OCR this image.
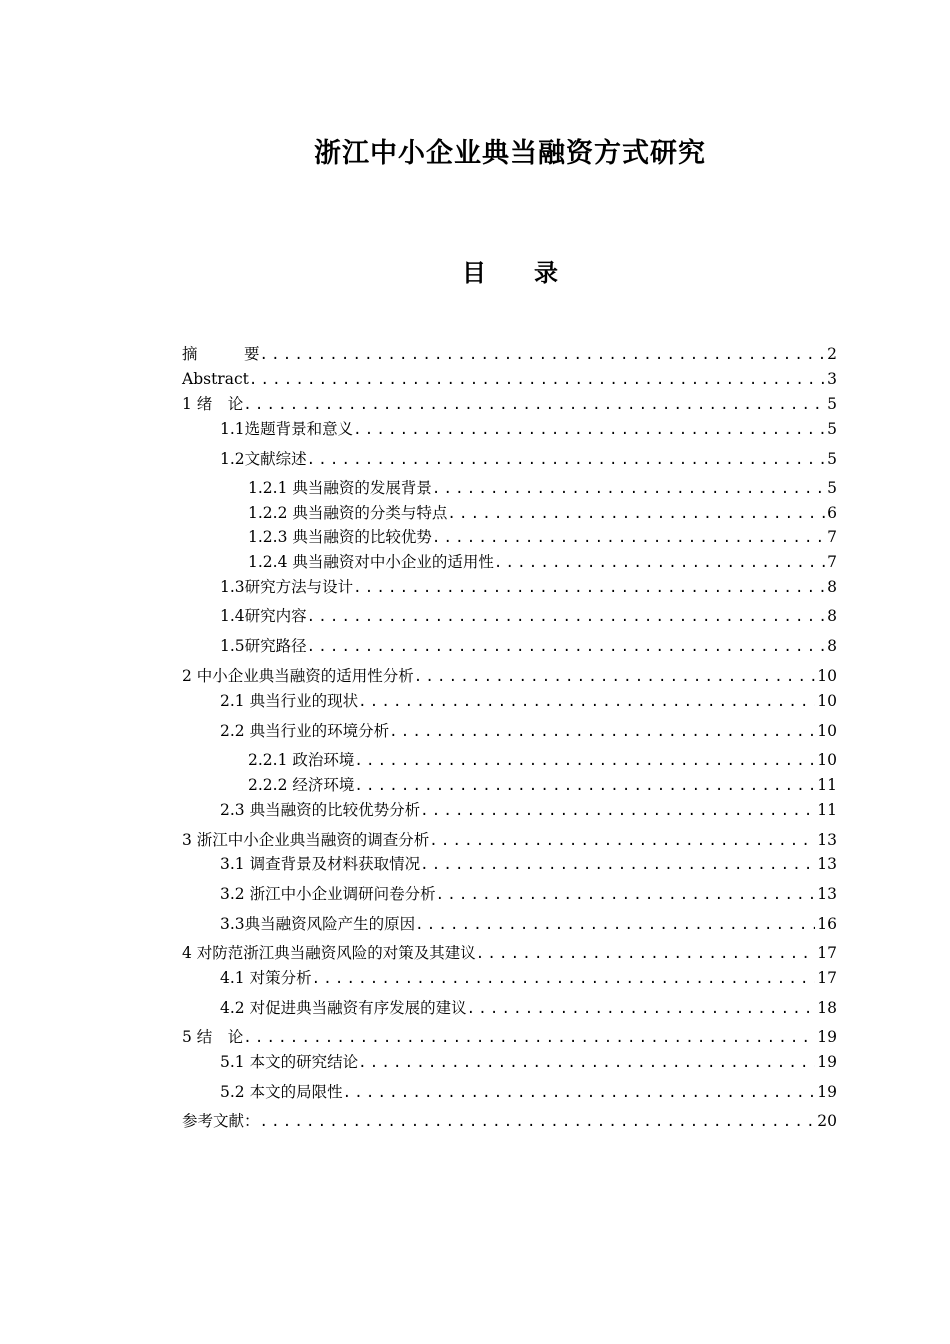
浙江中小企业典当融资方式研究
目　　录
摘　　　要 .....	2
Abstract .....	3
1 绪　论 .....	5
1.1选题背景和意义 .....	5
1.2文献综述 .....	5
1.2.1 典当融资的发展背景 .....	5
1.2.2 典当融资的分类与特点 .....	6
1.2.3 典当融资的比较优势 .....	7
1.2.4 典当融资对中小企业的适用性 .....	7
1.3研究方法与设计 .....	8
1.4研究内容 .....	8
1.5研究路径 .....	8
2 中小企业典当融资的适用性分析 .....	10
2.1 典当行业的现状 .....	10
2.2 典当行业的环境分析 .....	10
2.2.1 政治环境 .....	10
2.2.2 经济环境 .....	11
2.3 典当融资的比较优势分析 .....	11
3 浙江中小企业典当融资的调查分析 .....	13
3.1 调查背景及材料获取情况 .....	13
3.2 浙江中小企业调研问卷分析 .....	13
3.3典当融资风险产生的原因 .....	16
4 对防范浙江典当融资风险的对策及其建议 .....	17
4.1 对策分析 .....	17
4.2 对促进典当融资有序发展的建议 .....	18
5 结　论 .....	19
5.1 本文的研究结论 .....	19
5.2 本文的局限性 .....	19
参考文献： .....	20
